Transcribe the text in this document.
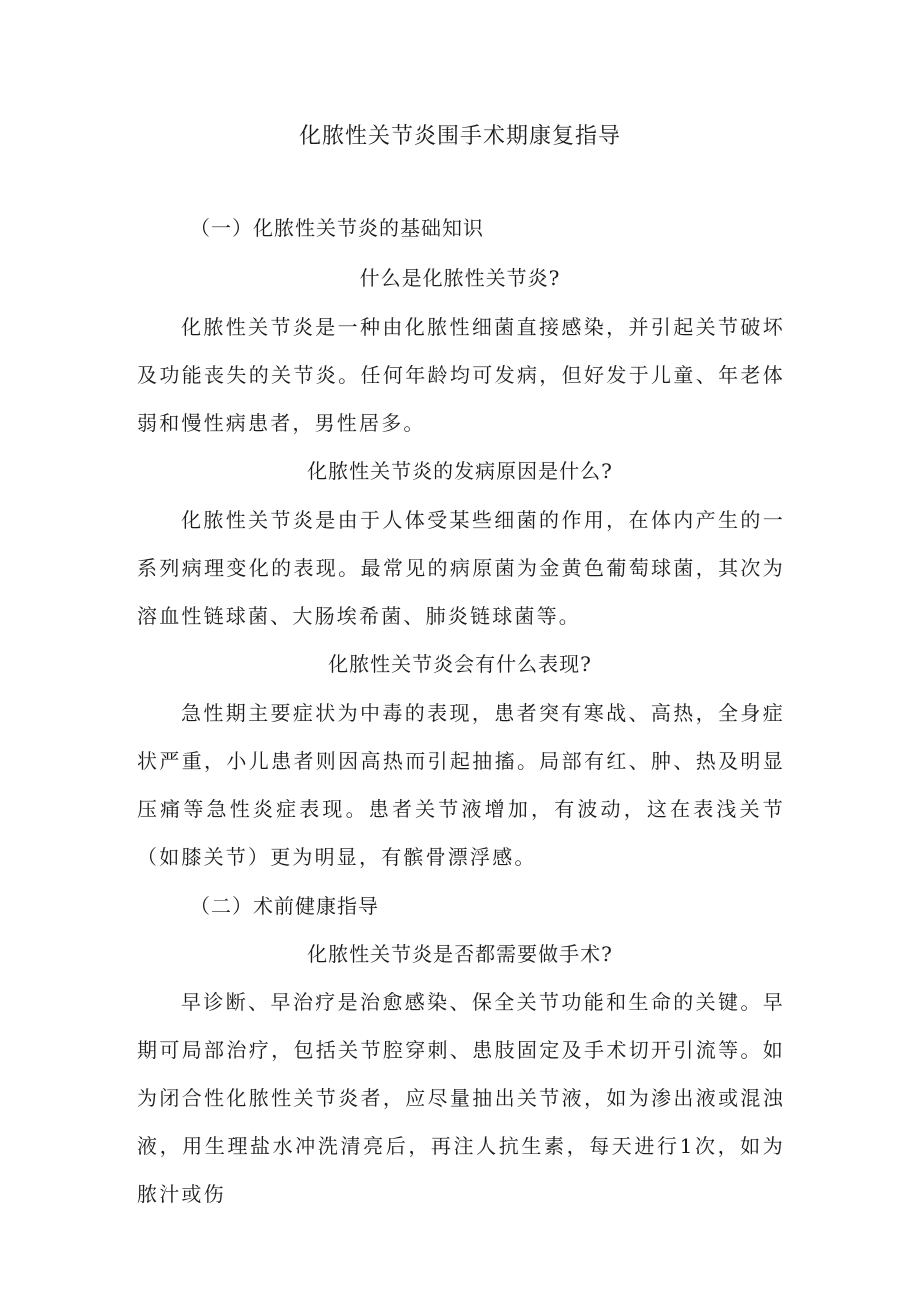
化脓性关节炎围手术期康复指导
（一）化脓性关节炎的基础知识
什么是化脓性关节炎?
化脓性关节炎是一种由化脓性细菌直接感染，并引起关节破坏及功能丧失的关节炎。任何年龄均可发病，但好发于儿童、年老体弱和慢性病患者，男性居多。
化脓性关节炎的发病原因是什么?
化脓性关节炎是由于人体受某些细菌的作用，在体内产生的一系列病理变化的表现。最常见的病原菌为金黄色葡萄球菌，其次为溶血性链球菌、大肠埃希菌、肺炎链球菌等。
化脓性关节炎会有什么表现?
急性期主要症状为中毒的表现，患者突有寒战、高热，全身症状严重，小儿患者则因高热而引起抽搐。局部有红、肿、热及明显压痛等急性炎症表现。患者关节液增加，有波动，这在表浅关节（如膝关节）更为明显，有髌骨漂浮感。
（二）术前健康指导
化脓性关节炎是否都需要做手术?
早诊断、早治疗是治愈感染、保全关节功能和生命的关键。早期可局部治疗，包括关节腔穿刺、患肢固定及手术切开引流等。如为闭合性化脓性关节炎者，应尽量抽出关节液，如为渗出液或混浊液，用生理盐水冲洗清亮后，再注人抗生素，每天进行1次，如为脓汁或伤
